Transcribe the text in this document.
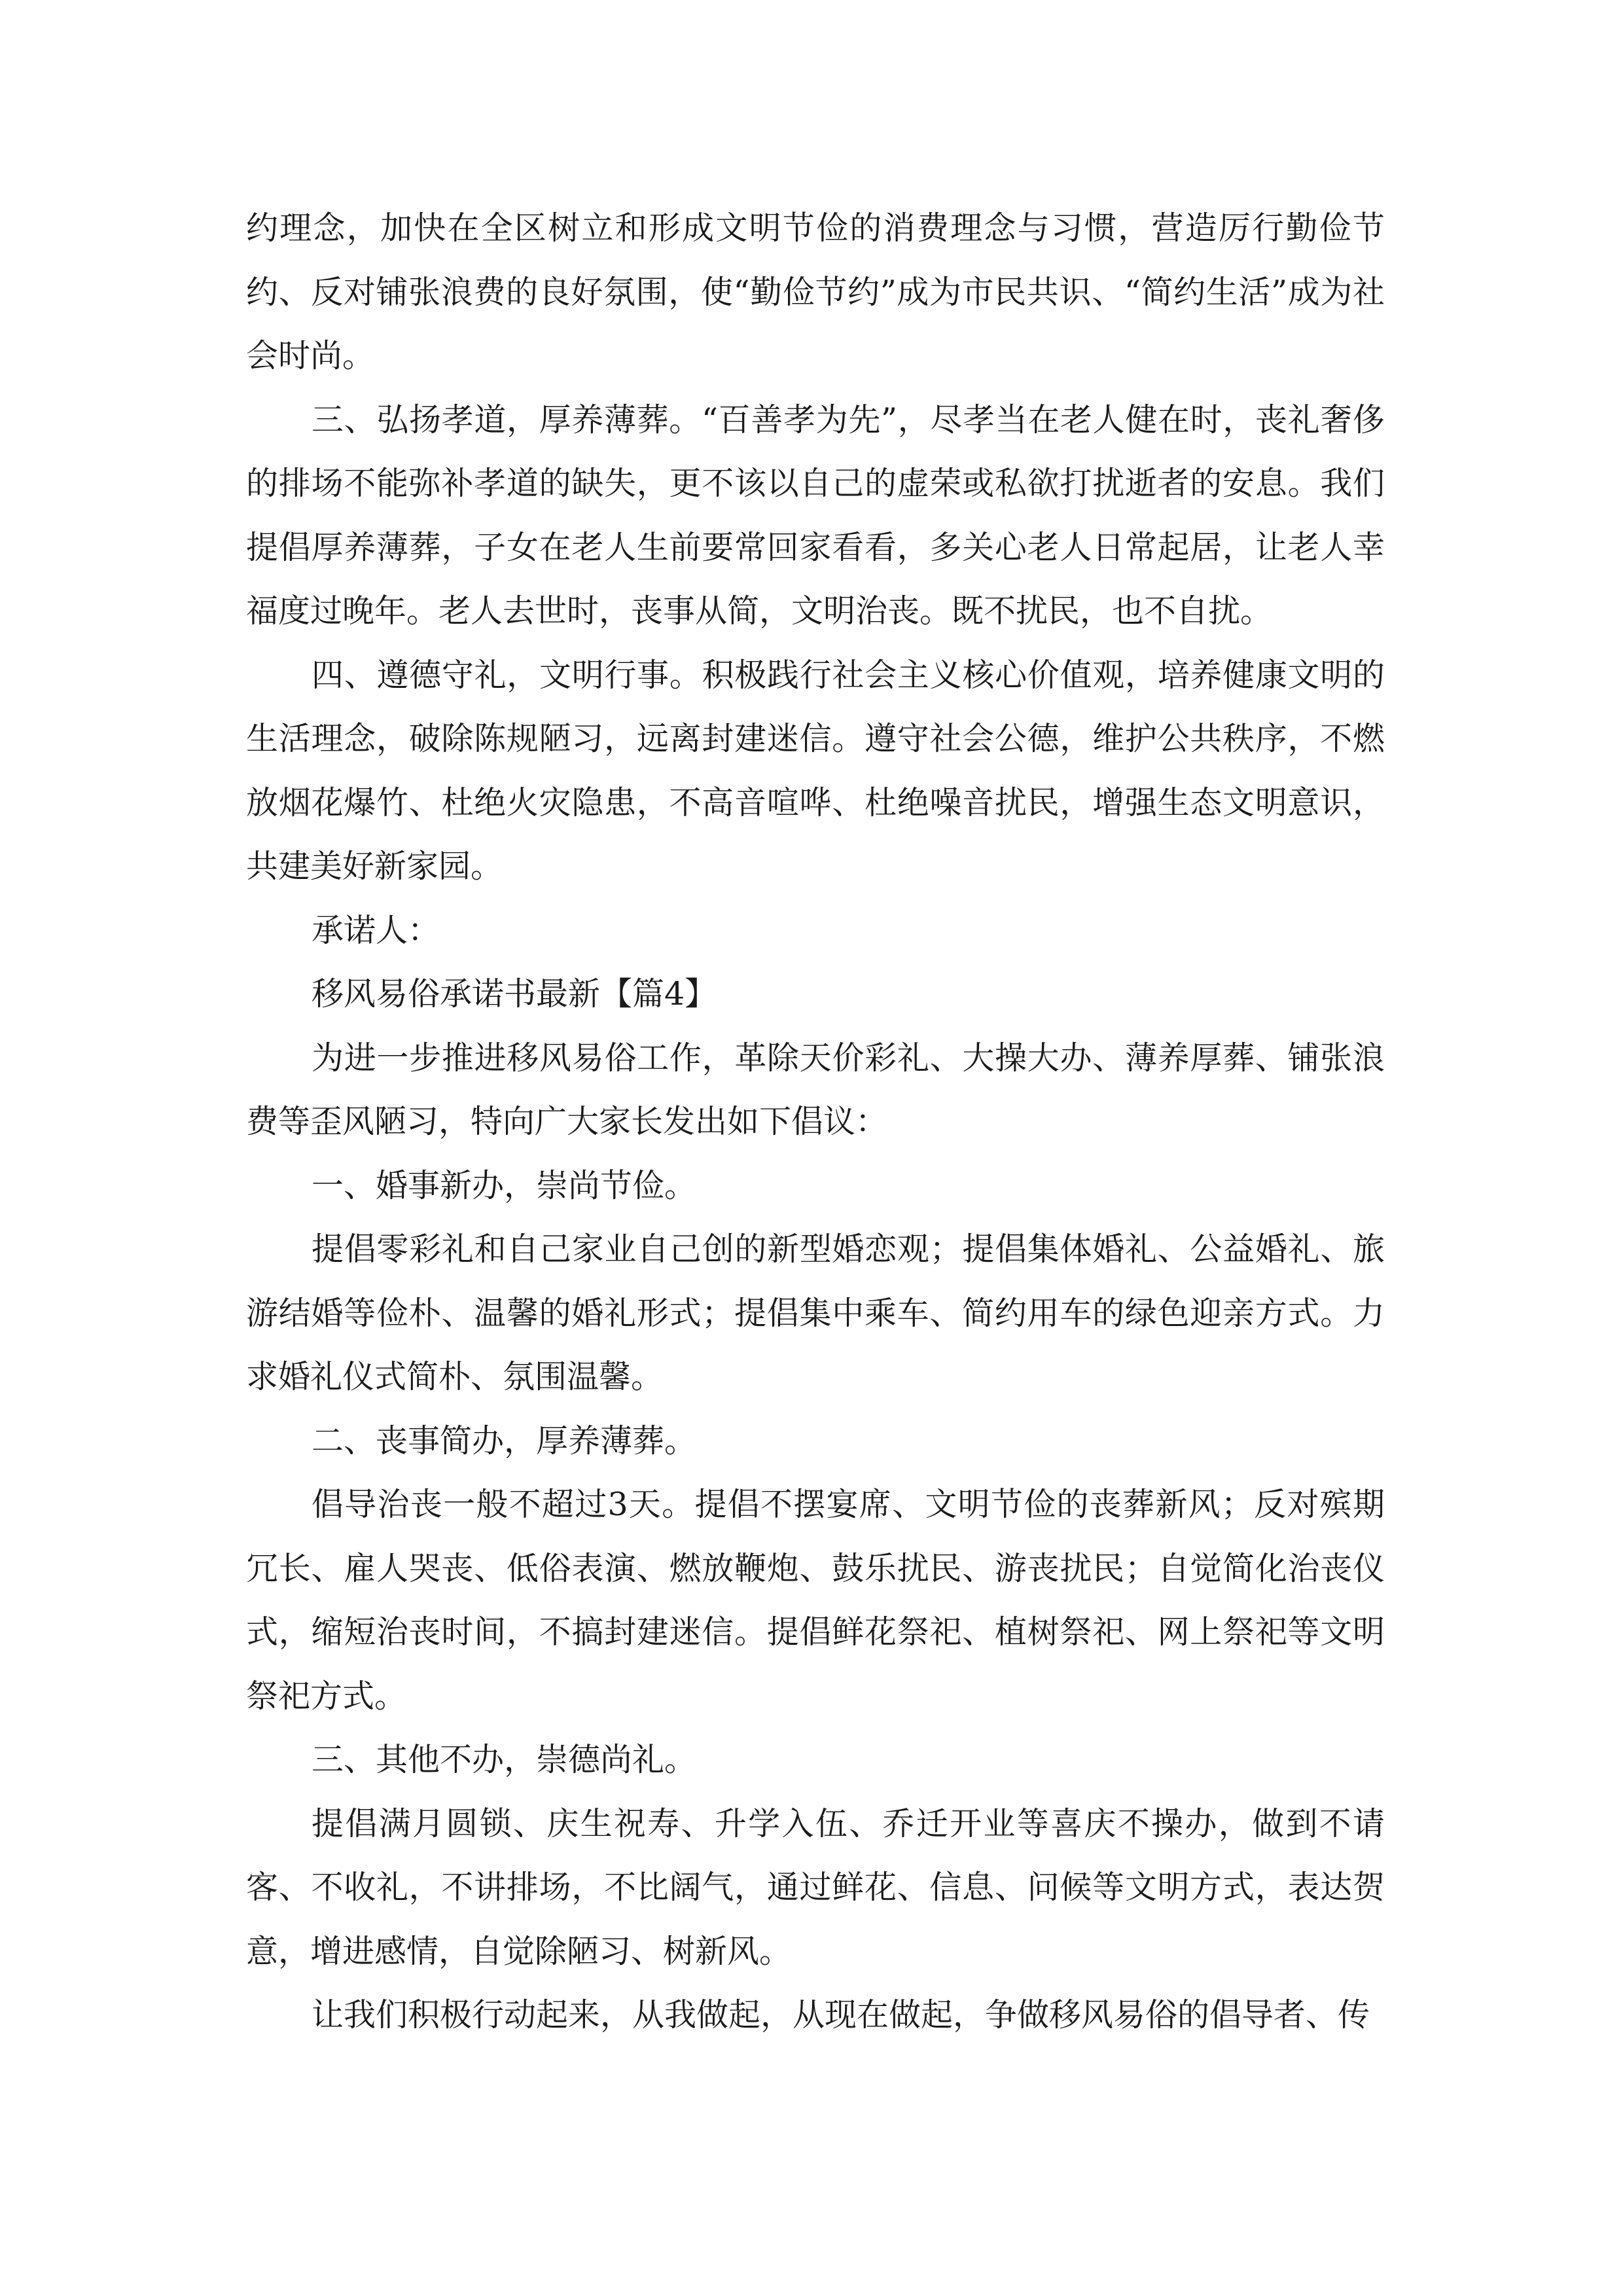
约理念，加快在全区树立和形成文明节俭的消费理念与习惯，营造厉行勤俭节约、反对铺张浪费的良好氛围，使“勤俭节约”成为市民共识、“简约生活”成为社会时尚。

三、弘扬孝道，厚养薄葬。“百善孝为先”，尽孝当在老人健在时，丧礼奢侈的排场不能弥补孝道的缺失，更不该以自己的虚荣或私欲打扰逝者的安息。我们提倡厚养薄葬，子女在老人生前要常回家看看，多关心老人日常起居，让老人幸福度过晚年。老人去世时，丧事从简，文明治丧。既不扰民，也不自扰。

四、遵德守礼，文明行事。积极践行社会主义核心价值观，培养健康文明的生活理念，破除陈规陋习，远离封建迷信。遵守社会公德，维护公共秩序，不燃放烟花爆竹、杜绝火灾隐患，不高音喧哗、杜绝噪音扰民，增强生态文明意识，共建美好新家园。

承诺人：

移风易俗承诺书最新【篇4】

为进一步推进移风易俗工作，革除天价彩礼、大操大办、薄养厚葬、铺张浪费等歪风陋习，特向广大家长发出如下倡议：

一、婚事新办，崇尚节俭。

提倡零彩礼和自己家业自己创的新型婚恋观；提倡集体婚礼、公益婚礼、旅游结婚等俭朴、温馨的婚礼形式；提倡集中乘车、简约用车的绿色迎亲方式。力求婚礼仪式简朴、氛围温馨。

二、丧事简办，厚养薄葬。

倡导治丧一般不超过3天。提倡不摆宴席、文明节俭的丧葬新风；反对殡期冗长、雇人哭丧、低俗表演、燃放鞭炮、鼓乐扰民、游丧扰民；自觉简化治丧仪式，缩短治丧时间，不搞封建迷信。提倡鲜花祭祀、植树祭祀、网上祭祀等文明祭祀方式。

三、其他不办，崇德尚礼。

提倡满月圆锁、庆生祝寿、升学入伍、乔迁开业等喜庆不操办，做到不请客、不收礼，不讲排场，不比阔气，通过鲜花、信息、问候等文明方式，表达贺意，增进感情，自觉除陋习、树新风。

让我们积极行动起来，从我做起，从现在做起，争做移风易俗的倡导者、传
